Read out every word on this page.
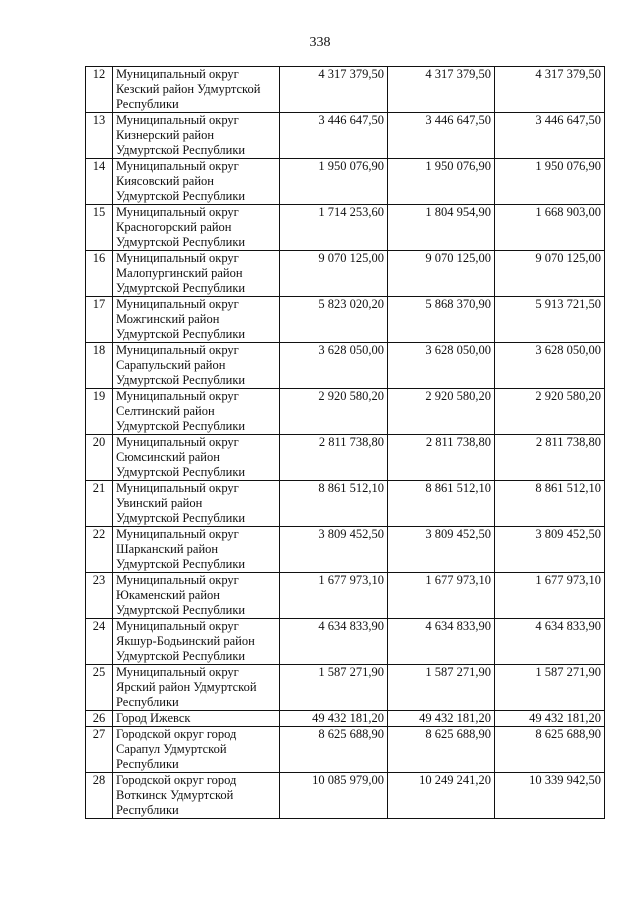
338
12	Муниципальный округ
Кезский район Удмуртской
Республики	4 317 379,50	4 317 379,50	4 317 379,50
13	Муниципальный округ
Кизнерский район
Удмуртской Республики	3 446 647,50	3 446 647,50	3 446 647,50
14	Муниципальный округ
Киясовский район
Удмуртской Республики	1 950 076,90	1 950 076,90	1 950 076,90
15	Муниципальный округ
Красногорский район
Удмуртской Республики	1 714 253,60	1 804 954,90	1 668 903,00
16	Муниципальный округ
Малопургинский район
Удмуртской Республики	9 070 125,00	9 070 125,00	9 070 125,00
17	Муниципальный округ
Можгинский район
Удмуртской Республики	5 823 020,20	5 868 370,90	5 913 721,50
18	Муниципальный округ
Сарапульский район
Удмуртской Республики	3 628 050,00	3 628 050,00	3 628 050,00
19	Муниципальный округ
Селтинский район
Удмуртской Республики	2 920 580,20	2 920 580,20	2 920 580,20
20	Муниципальный округ
Сюмсинский район
Удмуртской Республики	2 811 738,80	2 811 738,80	2 811 738,80
21	Муниципальный округ
Увинский район
Удмуртской Республики	8 861 512,10	8 861 512,10	8 861 512,10
22	Муниципальный округ
Шарканский район
Удмуртской Республики	3 809 452,50	3 809 452,50	3 809 452,50
23	Муниципальный округ
Юкаменский район
Удмуртской Республики	1 677 973,10	1 677 973,10	1 677 973,10
24	Муниципальный округ
Якшур-Бодьинский район
Удмуртской Республики	4 634 833,90	4 634 833,90	4 634 833,90
25	Муниципальный округ
Ярский район Удмуртской
Республики	1 587 271,90	1 587 271,90	1 587 271,90
26	Город Ижевск	49 432 181,20	49 432 181,20	49 432 181,20
27	Городской округ город
Сарапул Удмуртской
Республики	8 625 688,90	8 625 688,90	8 625 688,90
28	Городской округ город
Воткинск Удмуртской
Республики	10 085 979,00	10 249 241,20	10 339 942,50
